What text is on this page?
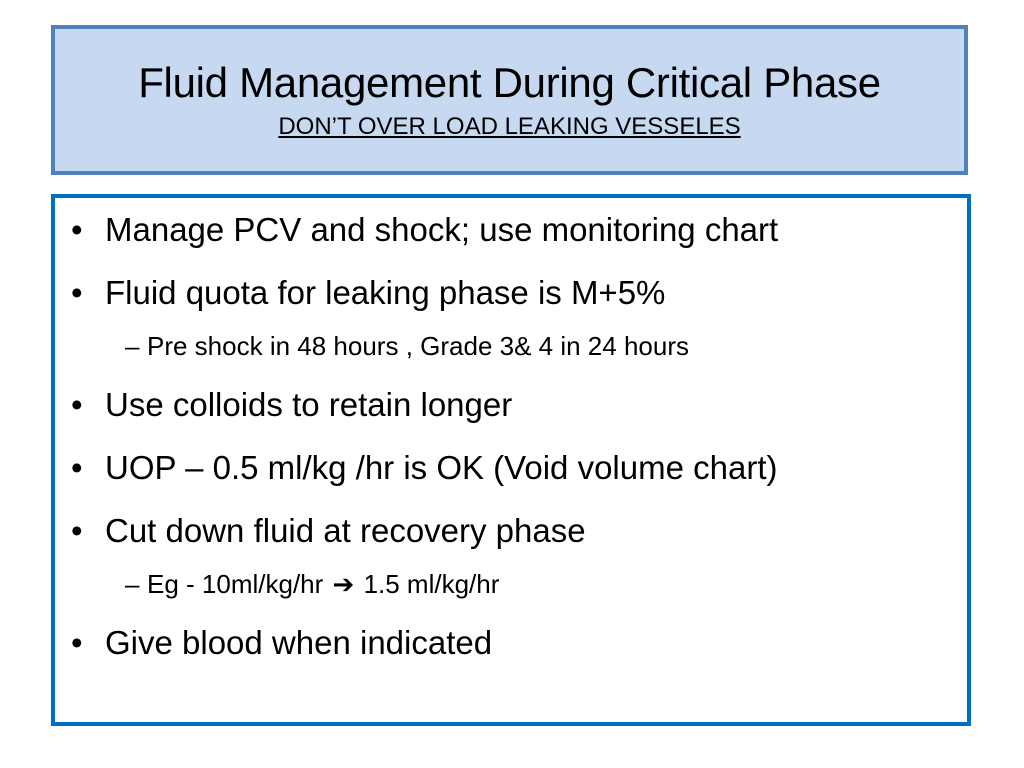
Fluid Management During Critical Phase
DON’T OVER LOAD LEAKING VESSELES
• Manage PCV and shock; use monitoring chart
• Fluid quota for leaking phase is M+5%
– Pre shock in 48 hours , Grade 3& 4 in 24 hours
• Use colloids to retain longer
• UOP – 0.5 ml/kg /hr is OK (Void volume chart)
• Cut down fluid at recovery phase
– Eg - 10ml/kg/hr ➔ 1.5 ml/kg/hr
• Give blood when indicated
